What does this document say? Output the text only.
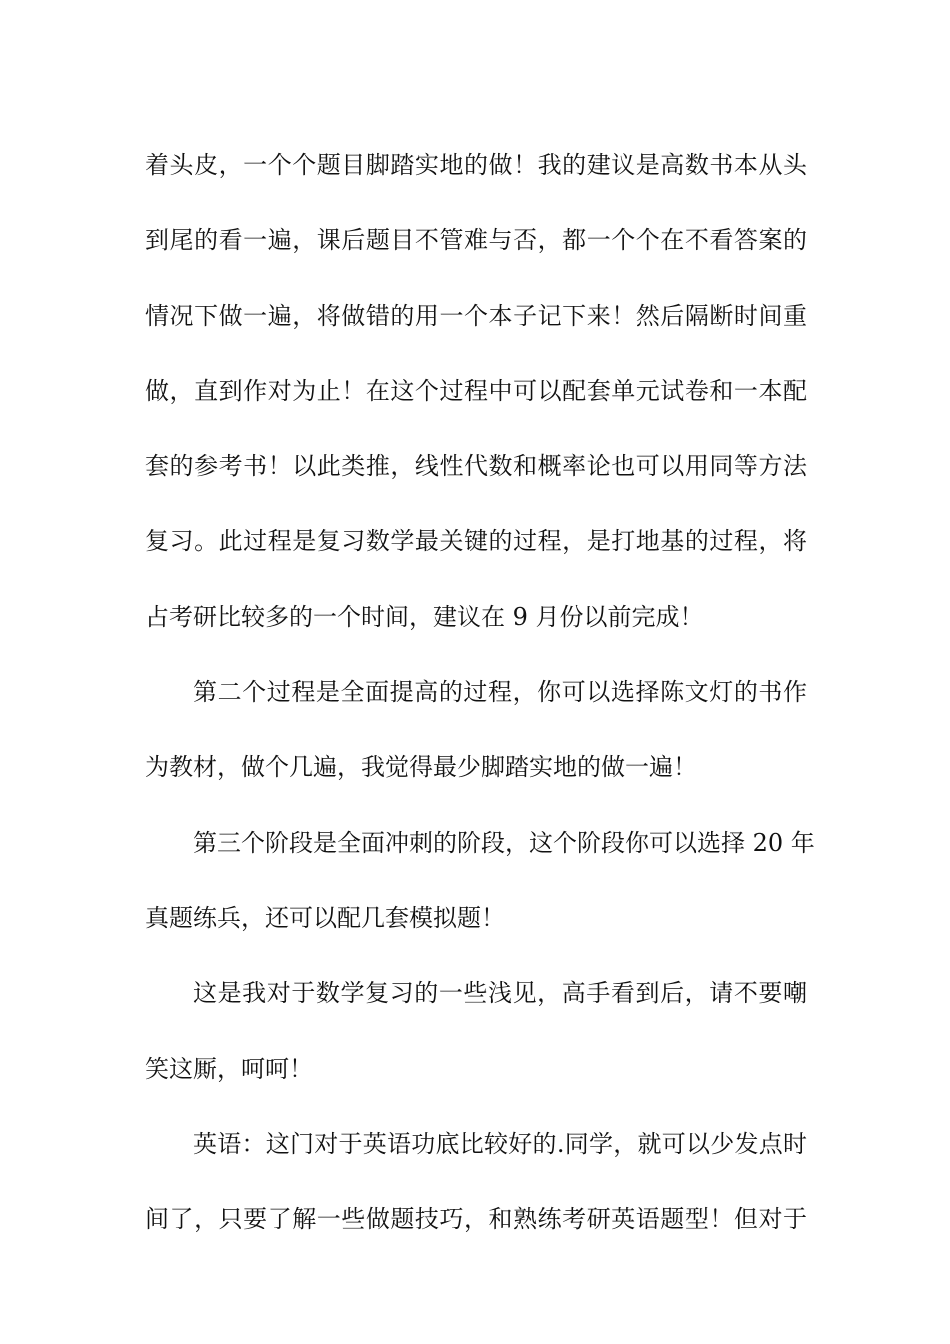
着头皮，一个个题目脚踏实地的做！我的建议是高数书本从头
到尾的看一遍，课后题目不管难与否，都一个个在不看答案的
情况下做一遍，将做错的用一个本子记下来！然后隔断时间重
做，直到作对为止！在这个过程中可以配套单元试卷和一本配
套的参考书！以此类推，线性代数和概率论也可以用同等方法
复习。此过程是复习数学最关键的过程，是打地基的过程，将
占考研比较多的一个时间，建议在 9 月份以前完成！
第二个过程是全面提高的过程，你可以选择陈文灯的书作
为教材，做个几遍，我觉得最少脚踏实地的做一遍！
第三个阶段是全面冲刺的阶段，这个阶段你可以选择 20 年
真题练兵，还可以配几套模拟题！
这是我对于数学复习的一些浅见，高手看到后，请不要嘲
笑这厮，呵呵！
英语：这门对于英语功底比较好的.同学，就可以少发点时
间了，只要了解一些做题技巧，和熟练考研英语题型！但对于
